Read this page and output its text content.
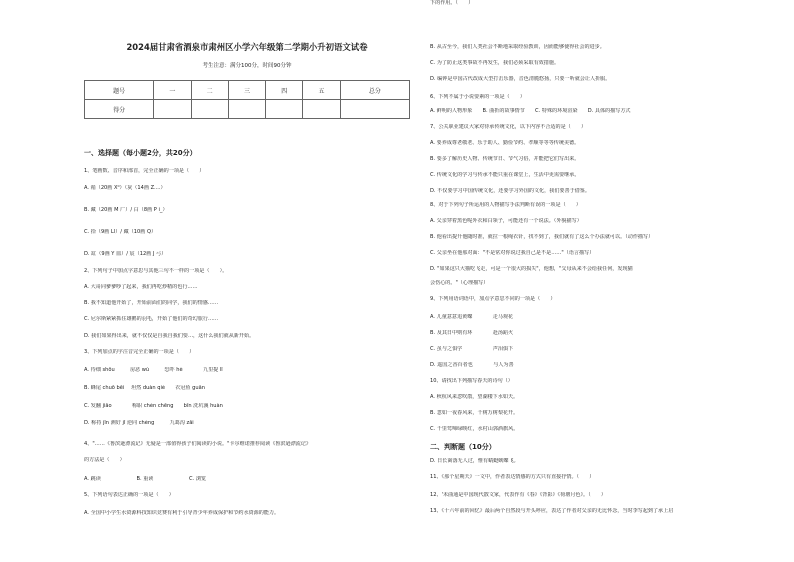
2024届甘肃省酒泉市肃州区小学六年级第二学期小升初语文试卷
考生注意：满分100分，时间90分钟
题号	一	二	三	四	五	总分
得分						
一、选择题（每小题2分，共20分）
1、笔画数、音序和部首，完全正确的一项是（　　）
A. 箱（20画 X⁰）（灰（14画 Z....）
B. 藏（20画 M 广）/ 白（8画 P i_）
C. 拾（9画 Lǐ）/ 藏（10画 Q）
D. 缸（9画 Y 皿）/ 宸（12画 J 弓）
2、下列句子中加点字意思与其他三句不一样的一项是（　　）。
A. 大哥同爹爹吵了起来，我们再吃炒精的也行……
B. 我不知道他开始了，开始前面们的同学，我们的情感……
C. 尼尔斯紧紧抓住雄鹅的羽毛，开始了他们的奇幻旅行……
D. 我们如果得出来，就不仅仅是自我自我们要…，这什么我们就从新开始。
3、下列加点的字注音完全正确的一项是（　　）
A. 待细 shōu　　　房恶 wù　　　恐吓 hè　　　　九里提 lǐ
B. 蜂尾 chuō bēi　 坦然 duàn qié　　衣冠鱼 guān
C. 发翻 jiāo　　　　称职 chèn chēng　　bīn 洗坑溪 huàn
D. 称持 jīn 测好 jǐ 逆同 chèng　　　九葛沟 zāi
4、"……《鲁滨逊漂流记》无疑是一部值得孩子们阅读的小说。"卡尔维诺推荐阅读《鲁滨逊漂流记》
的方法是（　　）
A. 跳读　　　　　　　B. 重读　　　　　　　C. 浏览
5、下列语句表达正确的一项是（　　）
A. 全国中小学生水资源科技知识竞赛有利于引导青少年养成保护和节约水资源的能力。
B. 从古至今，我们人类社会不断地采取经验教训，因而能够使得社会的进步。
C. 为了防止这类事故不再发生，我们必须采取有效措施。
D. 编钟是中国古代改成大型打击乐器，音色清脆悠扬，只要一听就会让人折服。
6、下列不属于小说要素的一项是（　　）
A. 鲜明的人物形象　　B. 曲折的故事情节　　C. 特殊的环境渲染　　D. 具体的描写方式
7、公关职业建议大家对待承传统文化，以下内容不合适的是（　　）
A. 要养成尊老敬老、乐于助人、勤俭节约、孝顺等等等传统美德。
B. 要多了解历史人物、传统节日、节气习俗，并能把它们写出来。
C. 传统文化的学习与传承不能只重在课堂上，生活中更需要继承。
D. 不仅要学习中国传统文化，还要学习外国的文化，我们要善于借鉴。
8、对于下列句子所运用的人物描写手法判断有误的一项是（　　）
A. 父亲穿着黑色呢外衣和白领子，可能还有一个说法。（外貌描写）
B. 他看出提升他随时准，就拉一根绳衣针，找不到了，我们就有了这么个办法就可以。（动作描写）
C. 父亲坐在他那对面："不是常对你说过我自己是不是……"（语言描写）
D. "如果这只大猫吃飞走，可是一个很大的损失"，他想，"父母从来不会给我任何，发现猫
会伤心的。"（心理描写）
9、下列用语词语中，加点字意思不同的一项是（　　）
A. 儿童意意追黄蝶　　　　走马观花
B. 及其日中则有环　　　　赴汤蹈火
C. 虽与之俱学　　　　　　声泪俱下
D. 遥国之香百者也　　　　与人为善
10、请找出下列描写春天的诗句（）
A. 秋杭风来忽吹散，望湖楼下水如天。
B. 忽如一夜春风来，千树万树梨花开。
C. 千里莺啼绿映红，水村山郭酒旗风。
D. 日长篱落无人过，惟有蜻蜓蛱蝶飞。
11、《那个星期天》一文中，作者表达情感的方式只有直接抒情。（　　）
12、'未曲通是中国现代散文家，代表作有《春》《背影》《荷塘月色》。（　　）
13、《十六年前的回忆》最后两个自然段与开头呼应，表达了作者对父亲的无比怀念，当时李写起到了承上启
下的作用。（　　）
二、判断题（10分）
